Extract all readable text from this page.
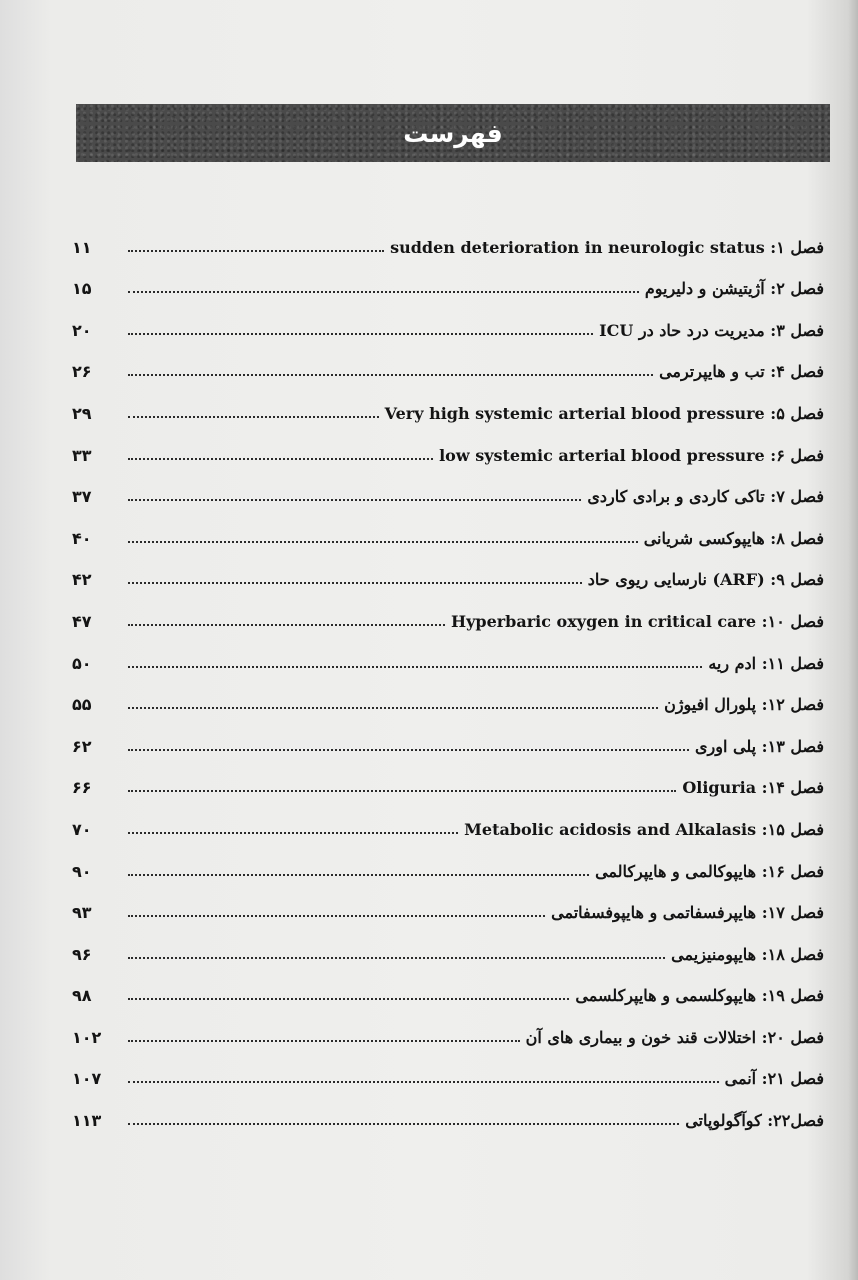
فهرست
فصل ۱: sudden deterioration in neurologic status
۱۱
فصل ۲: آژیتیشن و دلیریوم
۱۵
فصل ۳: مدیریت درد حاد در ICU
۲۰
فصل ۴: تب و هایپرترمی
۲۶
فصل ۵: Very high systemic arterial blood pressure
۲۹
فصل ۶: low systemic arterial blood pressure
۳۳
فصل ۷: تاکی کاردی و برادی کاردی
۳۷
فصل ۸: هایپوکسی شریانی
۴۰
فصل ۹: (ARF) نارسایی ریوی حاد
۴۲
فصل ۱۰: Hyperbaric oxygen in critical care
۴۷
فصل ۱۱: ادم ریه
۵۰
فصل ۱۲: پلورال افیوژن
۵۵
فصل ۱۳: پلی اوری
۶۲
فصل ۱۴: Oliguria
۶۶
فصل ۱۵: Metabolic acidosis and Alkalasis
۷۰
فصل ۱۶: هایپوکالمی و هایپرکالمی
۹۰
فصل ۱۷: هایپرفسفاتمی و هایپوفسفاتمی
۹۳
فصل ۱۸: هایپومنیزیمی
۹۶
فصل ۱۹: هایپوکلسمی و هایپرکلسمی
۹۸
فصل ۲۰: اختلالات قند خون و بیماری های آن
۱۰۲
فصل ۲۱: آنمی
۱۰۷
فصل۲۲: کوآگولوپاتی
۱۱۳
